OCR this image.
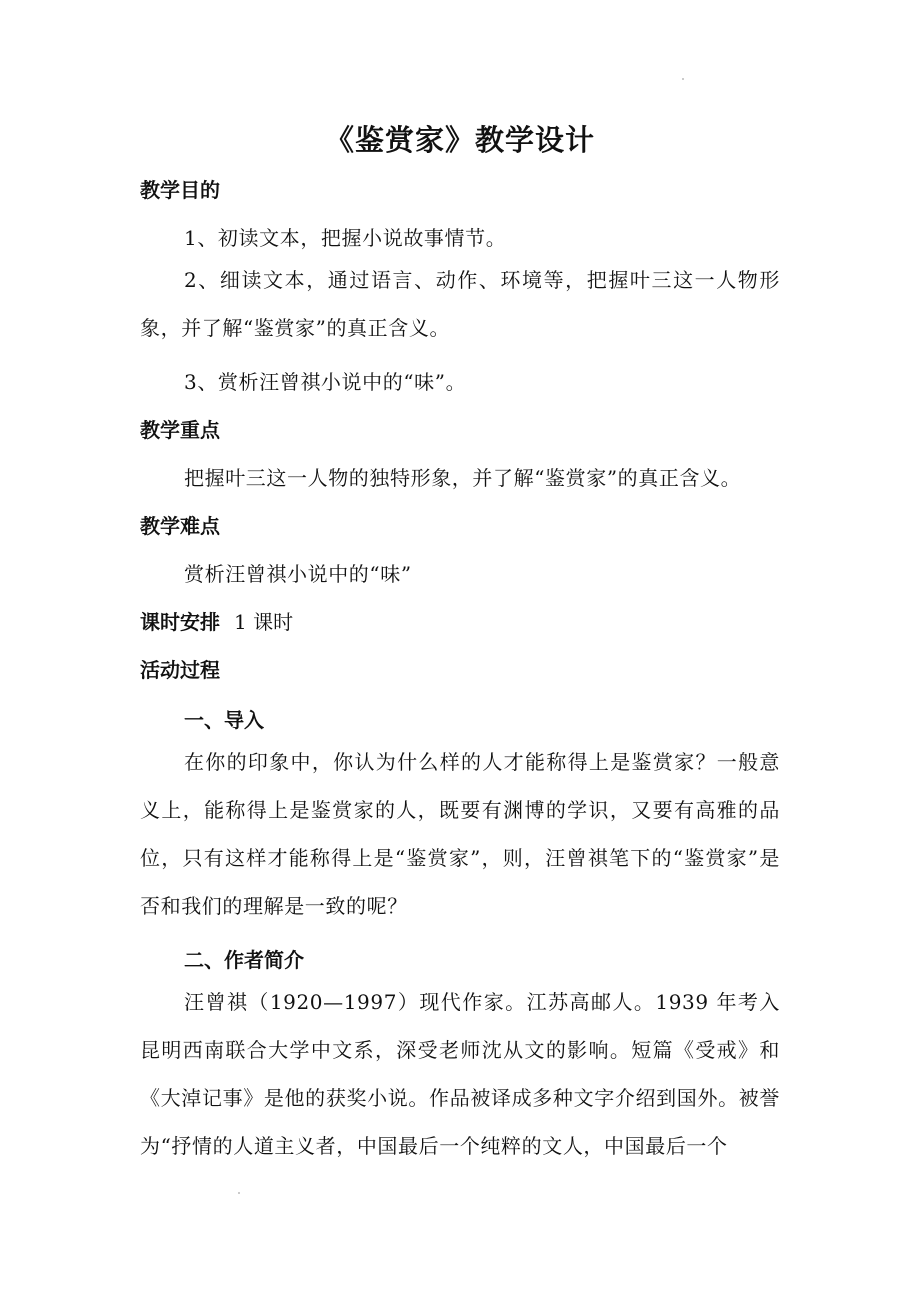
《鉴赏家》教学设计
教学目的
1、初读文本，把握小说故事情节。
2、细读文本，通过语言、动作、环境等，把握叶三这一人物形象，并了解“鉴赏家”的真正含义。
3、赏析汪曾祺小说中的“味”。
教学重点
把握叶三这一人物的独特形象，并了解“鉴赏家”的真正含义。
教学难点
赏析汪曾祺小说中的“味”
课时安排 1 课时
活动过程
一、导入
在你的印象中，你认为什么样的人才能称得上是鉴赏家？一般意义上，能称得上是鉴赏家的人，既要有渊博的学识，又要有高雅的品位，只有这样才能称得上是“鉴赏家”，则，汪曾祺笔下的“鉴赏家”是否和我们的理解是一致的呢？
二、作者简介
汪曾祺（1920—1997）现代作家。江苏高邮人。1939 年考入昆明西南联合大学中文系，深受老师沈从文的影响。短篇《受戒》和《大淖记事》是他的获奖小说。作品被译成多种文字介绍到国外。被誉为“抒情的人道主义者，中国最后一个纯粹的文人，中国最后一个
